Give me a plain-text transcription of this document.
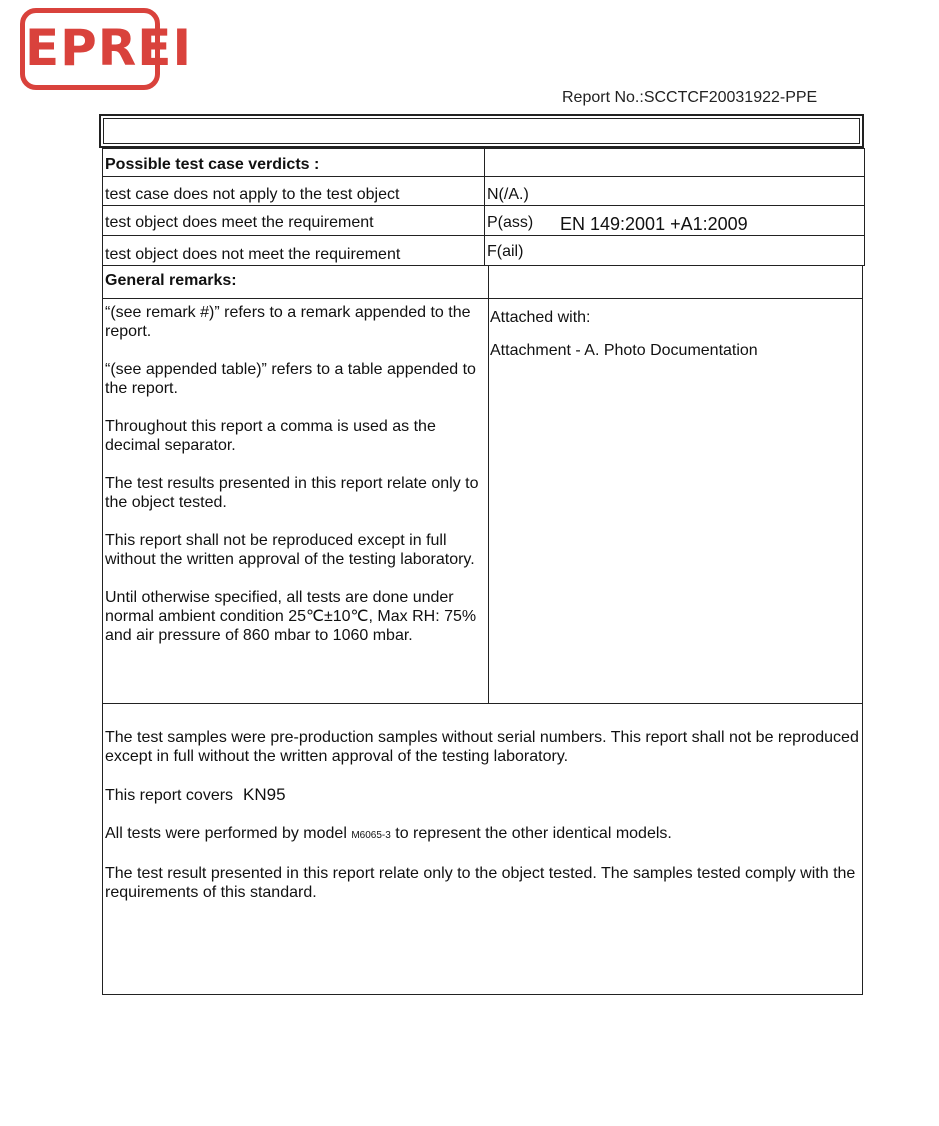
EPREI
Report No.:SCCTCF20031922-PPE
Possible test case verdicts :
test case does not apply to the test object	N(/A.)
test object does meet the requirement	P(ass) EN 149:2001 +A1:2009
test object does not meet the requirement	F(ail)
General remarks:

“(see remark #)” refers to a remark appended to the report.

“(see appended table)” refers to a table appended to the report.

Throughout this report a comma is used as the decimal separator.

The test results presented in this report relate only to the object tested.

This report shall not be reproduced except in full without the written approval of the testing laboratory.

Until otherwise specified, all tests are done under normal ambient condition 25℃±10℃, Max RH: 75% and air pressure of 860 mbar to 1060 mbar.

Attached with:
Attachment - A. Photo Documentation

The test samples were pre-production samples without serial numbers. This report shall not be reproduced except in full without the written approval of the testing laboratory.

This report covers KN95

All tests were performed by model M6065-3 to represent the other identical models.

The test result presented in this report relate only to the object tested. The samples tested comply with the requirements of this standard.
